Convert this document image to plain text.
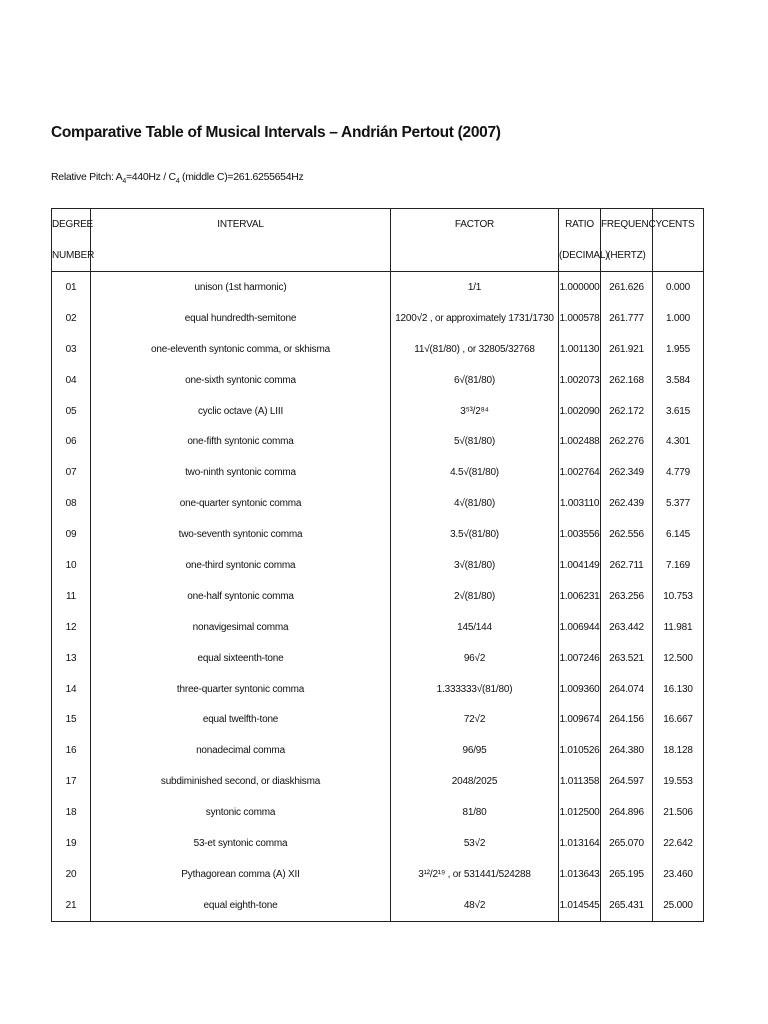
Comparative Table of Musical Intervals – Andrián Pertout (2007)
Relative Pitch: $A_4=440Hz / C_4$ (middle C)=261.6255654Hz
DEGREE	INTERVAL	FACTOR	RATIO	FREQUENCY	CENTS
NUMBER			(DECIMAL)	(HERTZ)	
01	unison (1st harmonic)	1/1	1.000000	261.626	0.000
02	equal hundredth-semitone	1200√2 , or approximately 1731/1730	1.000578	261.777	1.000
03	one-eleventh syntonic comma, or skhisma	11√(81/80) , or 32805/32768	1.001130	261.921	1.955
04	one-sixth syntonic comma	6√(81/80)	1.002073	262.168	3.584
05	cyclic octave (A) LIII	3⁵³/2⁸⁴	1.002090	262.172	3.615
06	one-fifth syntonic comma	5√(81/80)	1.002488	262.276	4.301
07	two-ninth syntonic comma	4.5√(81/80)	1.002764	262.349	4.779
08	one-quarter syntonic comma	4√(81/80)	1.003110	262.439	5.377
09	two-seventh syntonic comma	3.5√(81/80)	1.003556	262.556	6.145
10	one-third syntonic comma	3√(81/80)	1.004149	262.711	7.169
11	one-half syntonic comma	2√(81/80)	1.006231	263.256	10.753
12	nonavigesimal comma	145/144	1.006944	263.442	11.981
13	equal sixteenth-tone	96√2	1.007246	263.521	12.500
14	three-quarter syntonic comma	1.333333√(81/80)	1.009360	264.074	16.130
15	equal twelfth-tone	72√2	1.009674	264.156	16.667
16	nonadecimal comma	96/95	1.010526	264.380	18.128
17	subdiminished second, or diaskhisma	2048/2025	1.011358	264.597	19.553
18	syntonic comma	81/80	1.012500	264.896	21.506
19	53-et syntonic comma	53√2	1.013164	265.070	22.642
20	Pythagorean comma (A) XII	3¹²/2¹⁹ , or 531441/524288	1.013643	265.195	23.460
21	equal eighth-tone	48√2	1.014545	265.431	25.000
